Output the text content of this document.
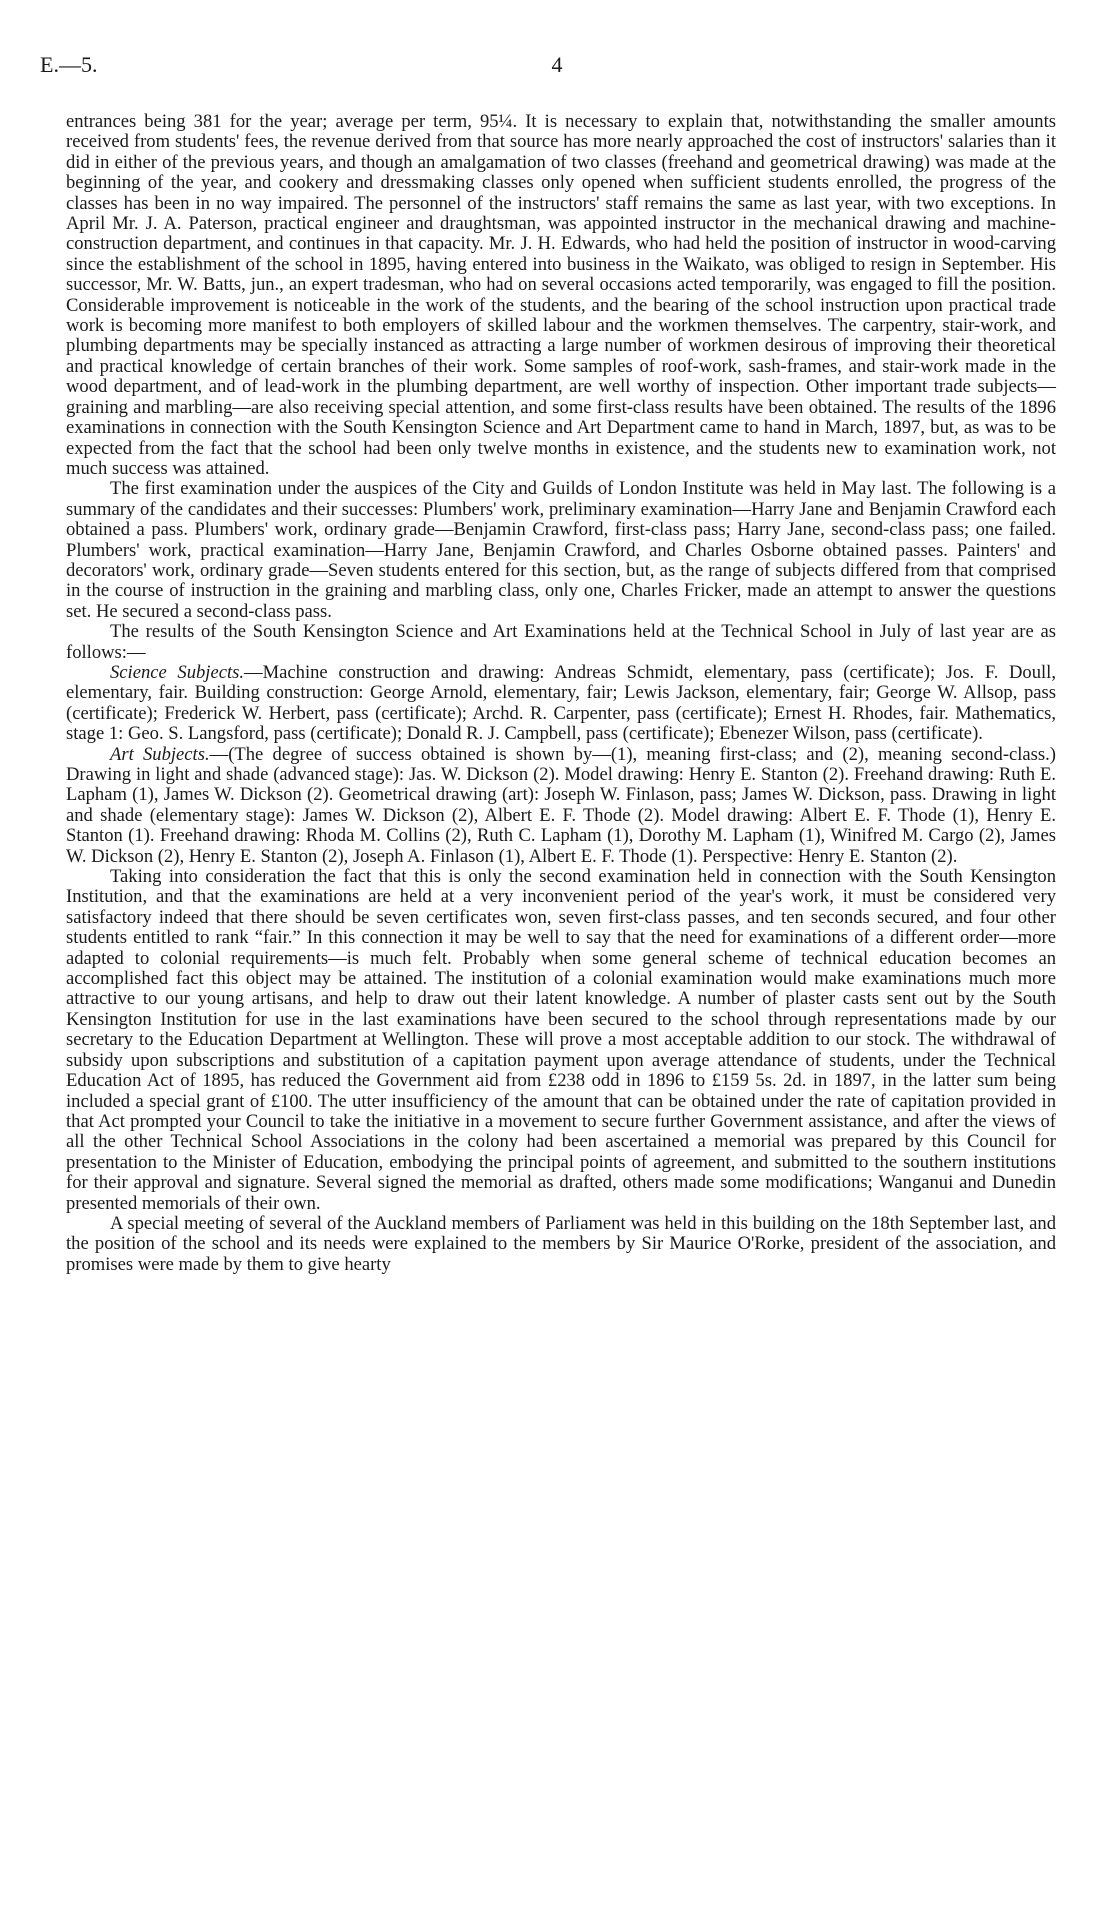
E.—5.	4

entrances being 381 for the year; average per term, 95¼. It is necessary to explain that, notwithstanding the smaller amounts received from students' fees, the revenue derived from that source has more nearly approached the cost of instructors' salaries than it did in either of the previous years, and though an amalgamation of two classes (freehand and geometrical drawing) was made at the beginning of the year, and cookery and dressmaking classes only opened when sufficient students enrolled, the progress of the classes has been in no way impaired. The personnel of the instructors' staff remains the same as last year, with two exceptions. In April Mr. J. A. Paterson, practical engineer and draughtsman, was appointed instructor in the mechanical drawing and machine-construction department, and continues in that capacity. Mr. J. H. Edwards, who had held the position of instructor in wood-carving since the establishment of the school in 1895, having entered into business in the Waikato, was obliged to resign in September. His successor, Mr. W. Batts, jun., an expert tradesman, who had on several occasions acted temporarily, was engaged to fill the position. Considerable improvement is noticeable in the work of the students, and the bearing of the school instruction upon practical trade work is becoming more manifest to both employers of skilled labour and the workmen themselves. The carpentry, stair-work, and plumbing departments may be specially instanced as attracting a large number of workmen desirous of improving their theoretical and practical knowledge of certain branches of their work. Some samples of roof-work, sash-frames, and stair-work made in the wood department, and of lead-work in the plumbing department, are well worthy of inspection. Other important trade subjects—graining and marbling—are also receiving special attention, and some first-class results have been obtained. The results of the 1896 examinations in connection with the South Kensington Science and Art Department came to hand in March, 1897, but, as was to be expected from the fact that the school had been only twelve months in existence, and the students new to examination work, not much success was attained.

The first examination under the auspices of the City and Guilds of London Institute was held in May last. The following is a summary of the candidates and their successes: Plumbers' work, preliminary examination—Harry Jane and Benjamin Crawford each obtained a pass. Plumbers' work, ordinary grade—Benjamin Crawford, first-class pass; Harry Jane, second-class pass; one failed. Plumbers' work, practical examination—Harry Jane, Benjamin Crawford, and Charles Osborne obtained passes. Painters' and decorators' work, ordinary grade—Seven students entered for this section, but, as the range of subjects differed from that comprised in the course of instruction in the graining and marbling class, only one, Charles Fricker, made an attempt to answer the questions set. He secured a second-class pass.

The results of the South Kensington Science and Art Examinations held at the Technical School in July of last year are as follows:—

Science Subjects.—Machine construction and drawing: Andreas Schmidt, elementary, pass (certificate); Jos. F. Doull, elementary, fair. Building construction: George Arnold, elementary, fair; Lewis Jackson, elementary, fair; George W. Allsop, pass (certificate); Frederick W. Herbert, pass (certificate); Archd. R. Carpenter, pass (certificate); Ernest H. Rhodes, fair. Mathematics, stage 1: Geo. S. Langsford, pass (certificate); Donald R. J. Campbell, pass (certificate); Ebenezer Wilson, pass (certificate).

Art Subjects.—(The degree of success obtained is shown by—(1), meaning first-class; and (2), meaning second-class.) Drawing in light and shade (advanced stage): Jas. W. Dickson (2). Model drawing: Henry E. Stanton (2). Freehand drawing: Ruth E. Lapham (1), James W. Dickson (2). Geometrical drawing (art): Joseph W. Finlason, pass; James W. Dickson, pass. Drawing in light and shade (elementary stage): James W. Dickson (2), Albert E. F. Thode (2). Model drawing: Albert E. F. Thode (1), Henry E. Stanton (1). Freehand drawing: Rhoda M. Collins (2), Ruth C. Lapham (1), Dorothy M. Lapham (1), Winifred M. Cargo (2), James W. Dickson (2), Henry E. Stanton (2), Joseph A. Finlason (1), Albert E. F. Thode (1). Perspective: Henry E. Stanton (2).

Taking into consideration the fact that this is only the second examination held in connection with the South Kensington Institution, and that the examinations are held at a very inconvenient period of the year's work, it must be considered very satisfactory indeed that there should be seven certificates won, seven first-class passes, and ten seconds secured, and four other students entitled to rank “fair.” In this connection it may be well to say that the need for examinations of a different order—more adapted to colonial requirements—is much felt. Probably when some general scheme of technical education becomes an accomplished fact this object may be attained. The institution of a colonial examination would make examinations much more attractive to our young artisans, and help to draw out their latent knowledge. A number of plaster casts sent out by the South Kensington Institution for use in the last examinations have been secured to the school through representations made by our secretary to the Education Department at Wellington. These will prove a most acceptable addition to our stock. The withdrawal of subsidy upon subscriptions and substitution of a capitation payment upon average attendance of students, under the Technical Education Act of 1895, has reduced the Government aid from £238 odd in 1896 to £159 5s. 2d. in 1897, in the latter sum being included a special grant of £100. The utter insufficiency of the amount that can be obtained under the rate of capitation provided in that Act prompted your Council to take the initiative in a movement to secure further Government assistance, and after the views of all the other Technical School Associations in the colony had been ascertained a memorial was prepared by this Council for presentation to the Minister of Education, embodying the principal points of agreement, and submitted to the southern institutions for their approval and signature. Several signed the memorial as drafted, others made some modifications; Wanganui and Dunedin presented memorials of their own.

A special meeting of several of the Auckland members of Parliament was held in this building on the 18th September last, and the position of the school and its needs were explained to the members by Sir Maurice O'Rorke, president of the association, and promises were made by them to give hearty
